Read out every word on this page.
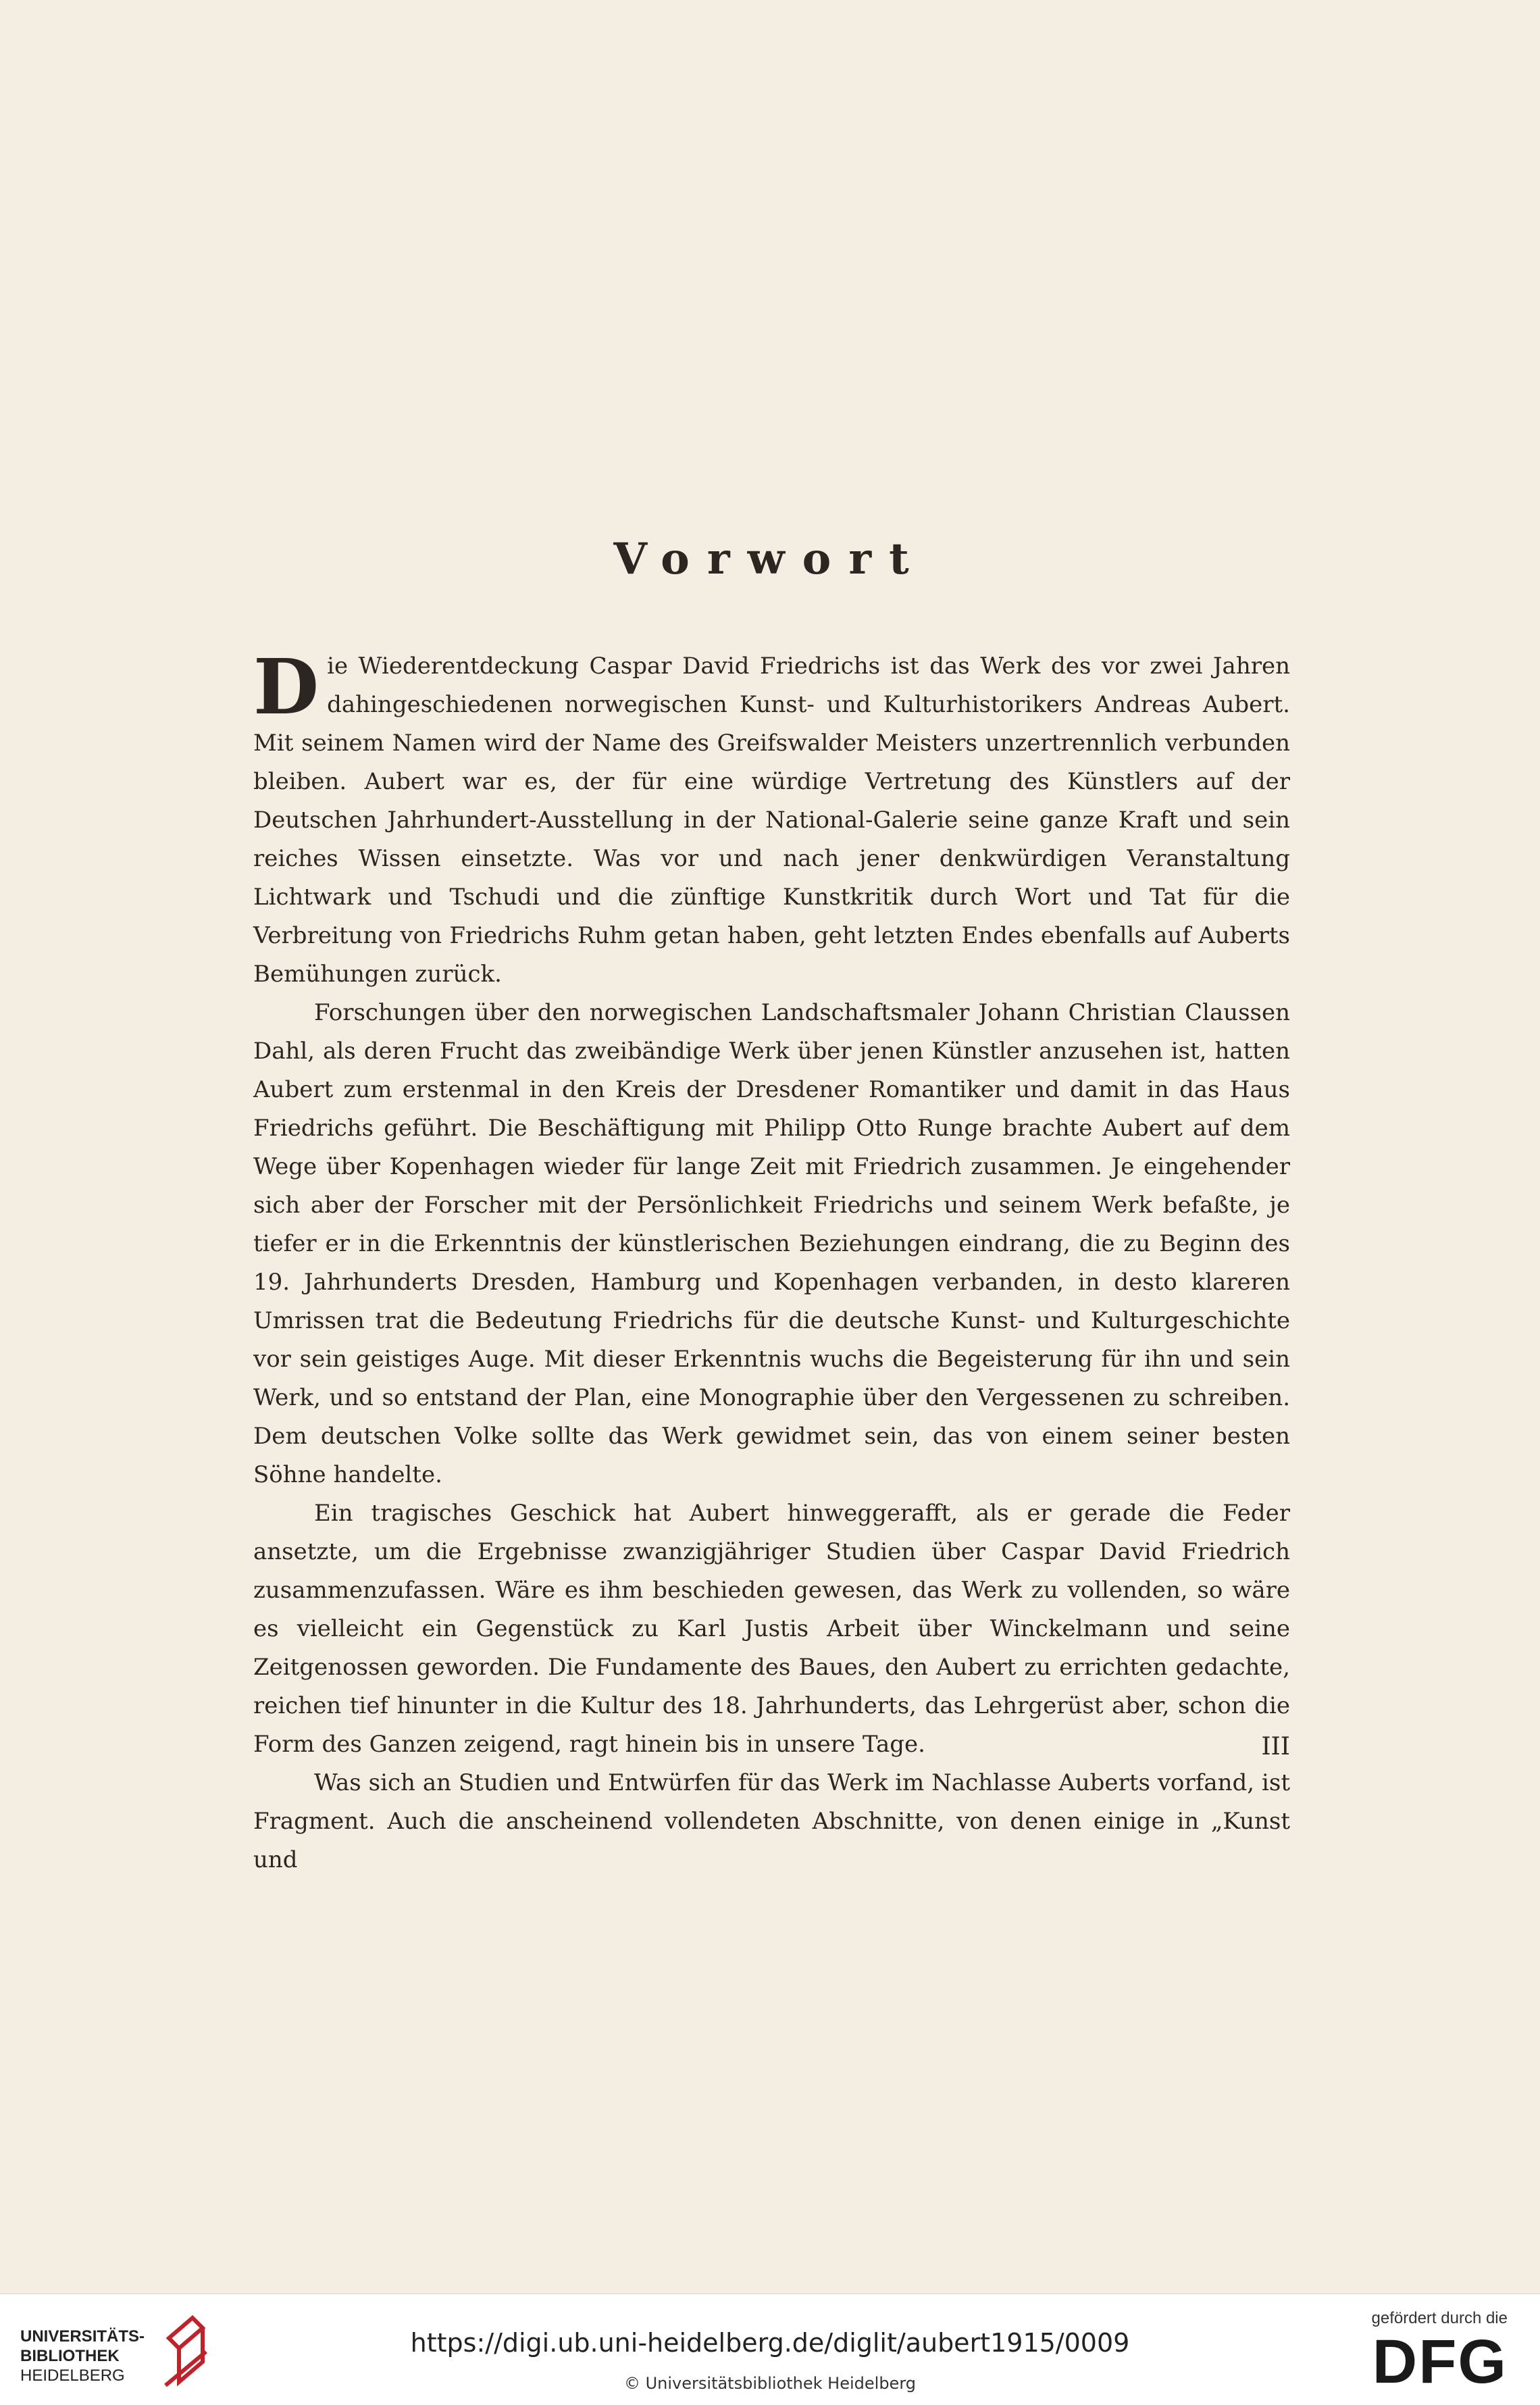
Vorwort

Die Wiederentdeckung Caspar David Friedrichs ist das Werk des vor zwei Jahren dahingeschiedenen norwegischen Kunst- und Kulturhistorikers Andreas Aubert. Mit seinem Namen wird der Name des Greifswalder Meisters unzertrennlich verbunden bleiben. Aubert war es, der für eine würdige Vertretung des Künstlers auf der Deutschen Jahrhundert-Ausstellung in der National-Galerie seine ganze Kraft und sein reiches Wissen einsetzte. Was vor und nach jener denkwürdigen Veranstaltung Lichtwark und Tschudi und die zünftige Kunstkritik durch Wort und Tat für die Verbreitung von Friedrichs Ruhm getan haben, geht letzten Endes ebenfalls auf Auberts Bemühungen zurück.

Forschungen über den norwegischen Landschaftsmaler Johann Christian Claussen Dahl, als deren Frucht das zweibändige Werk über jenen Künstler anzusehen ist, hatten Aubert zum erstenmal in den Kreis der Dresdener Romantiker und damit in das Haus Friedrichs geführt. Die Beschäftigung mit Philipp Otto Runge brachte Aubert auf dem Wege über Kopenhagen wieder für lange Zeit mit Friedrich zusammen. Je eingehender sich aber der Forscher mit der Persönlichkeit Friedrichs und seinem Werk befaßte, je tiefer er in die Erkenntnis der künstlerischen Beziehungen eindrang, die zu Beginn des 19. Jahrhunderts Dresden, Hamburg und Kopenhagen verbanden, in desto klareren Umrissen trat die Bedeutung Friedrichs für die deutsche Kunst- und Kulturgeschichte vor sein geistiges Auge. Mit dieser Erkenntnis wuchs die Begeisterung für ihn und sein Werk, und so entstand der Plan, eine Monographie über den Vergessenen zu schreiben. Dem deutschen Volke sollte das Werk gewidmet sein, das von einem seiner besten Söhne handelte.

Ein tragisches Geschick hat Aubert hinweggerafft, als er gerade die Feder ansetzte, um die Ergebnisse zwanzigjähriger Studien über Caspar David Friedrich zusammenzufassen. Wäre es ihm beschieden gewesen, das Werk zu vollenden, so wäre es vielleicht ein Gegenstück zu Karl Justis Arbeit über Winckelmann und seine Zeitgenossen geworden. Die Fundamente des Baues, den Aubert zu errichten gedachte, reichen tief hinunter in die Kultur des 18. Jahrhunderts, das Lehrgerüst aber, schon die Form des Ganzen zeigend, ragt hinein bis in unsere Tage.

Was sich an Studien und Entwürfen für das Werk im Nachlasse Auberts vorfand, ist Fragment. Auch die anscheinend vollendeten Abschnitte, von denen einige in „Kunst und

III
UNIVERSITÄTS-
BIBLIOTHEK
HEIDELBERG
https://digi.ub.uni-heidelberg.de/diglit/aubert1915/0009
© Universitätsbibliothek Heidelberg
gefördert durch die
DFG
